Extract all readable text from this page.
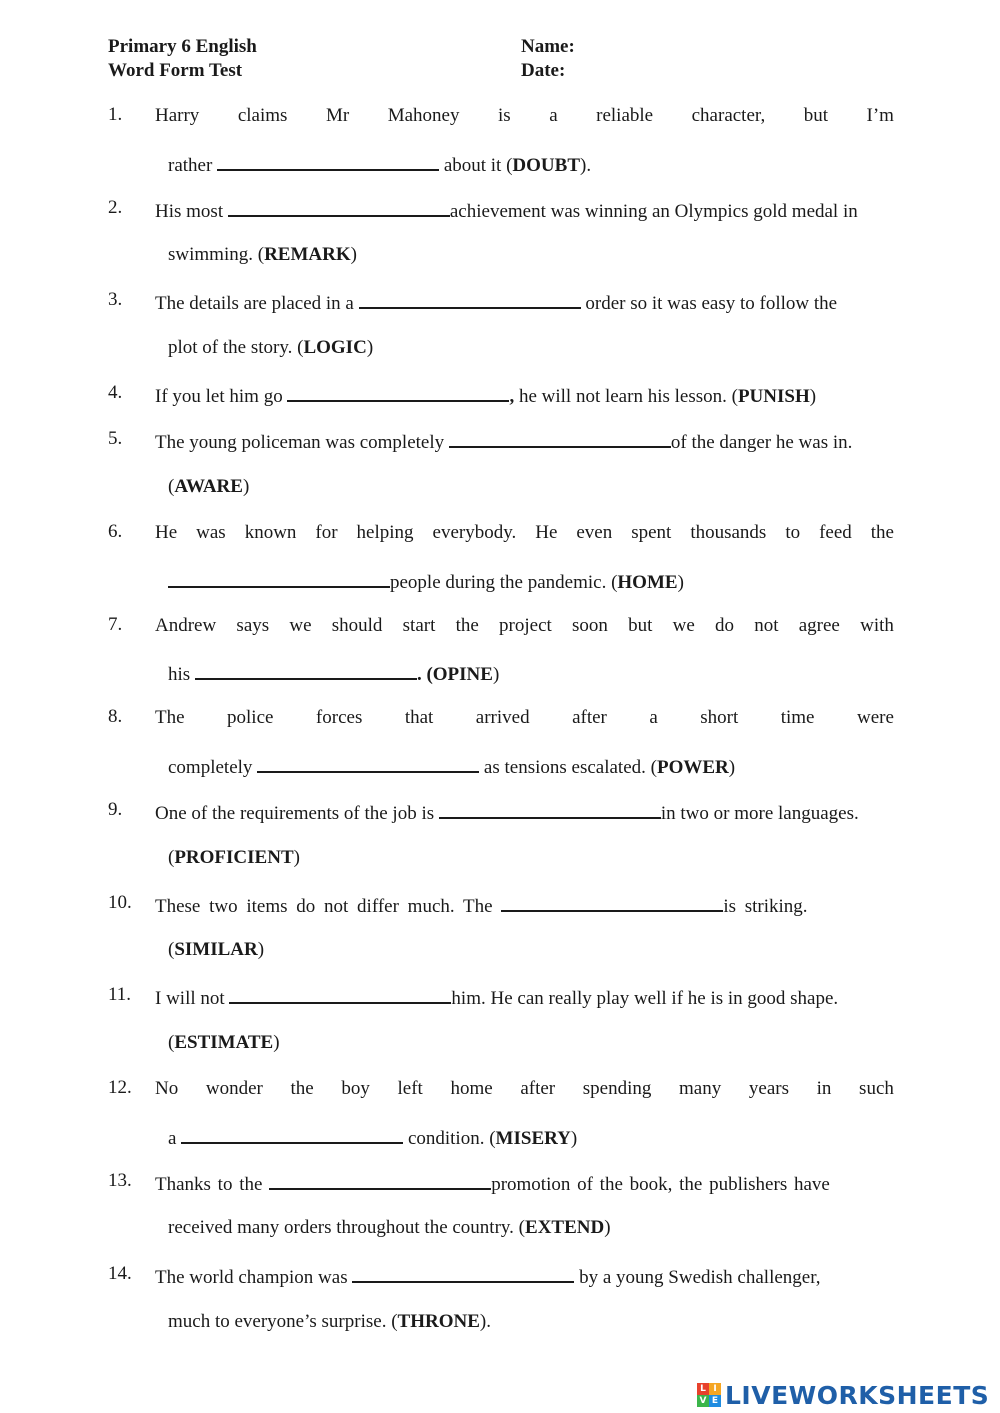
Primary 6 English
Word Form Test
Name:
Date:
1. Harry claims Mr Mahoney is a reliable character, but I’m
rather	about it (DOUBT).
2. His most	achievement was winning an Olympics gold medal in
swimming. (REMARK)
3. The details are placed in a	order so it was easy to follow the
plot of the story. (LOGIC)
4. If you let him go	, he will not learn his lesson. (PUNISH)
5. The young policeman was completely	of the danger he was in.
(AWARE)
6. He was known for helping everybody. He even spent thousands to feed the
people during the pandemic. (HOME)
7. Andrew says we should start the project soon but we do not agree with
his	. (OPINE)
8. The police forces that arrived after a short time were
completely	as tensions escalated. (POWER)
9. One of the requirements of the job is	in two or more languages.
(PROFICIENT)
10. These two items do not differ much. The	is striking.
(SIMILAR)
11. I will not	him. He can really play well if he is in good shape.
(ESTIMATE)
12. No wonder the boy left home after spending many years in such
a	condition. (MISERY)
13. Thanks to the	promotion of the book, the publishers have
received many orders throughout the country. (EXTEND)
14. The world champion was	by a young Swedish challenger,
much to everyone’s surprise. (THRONE).
L I
V E LIVEWORKSHEETS
